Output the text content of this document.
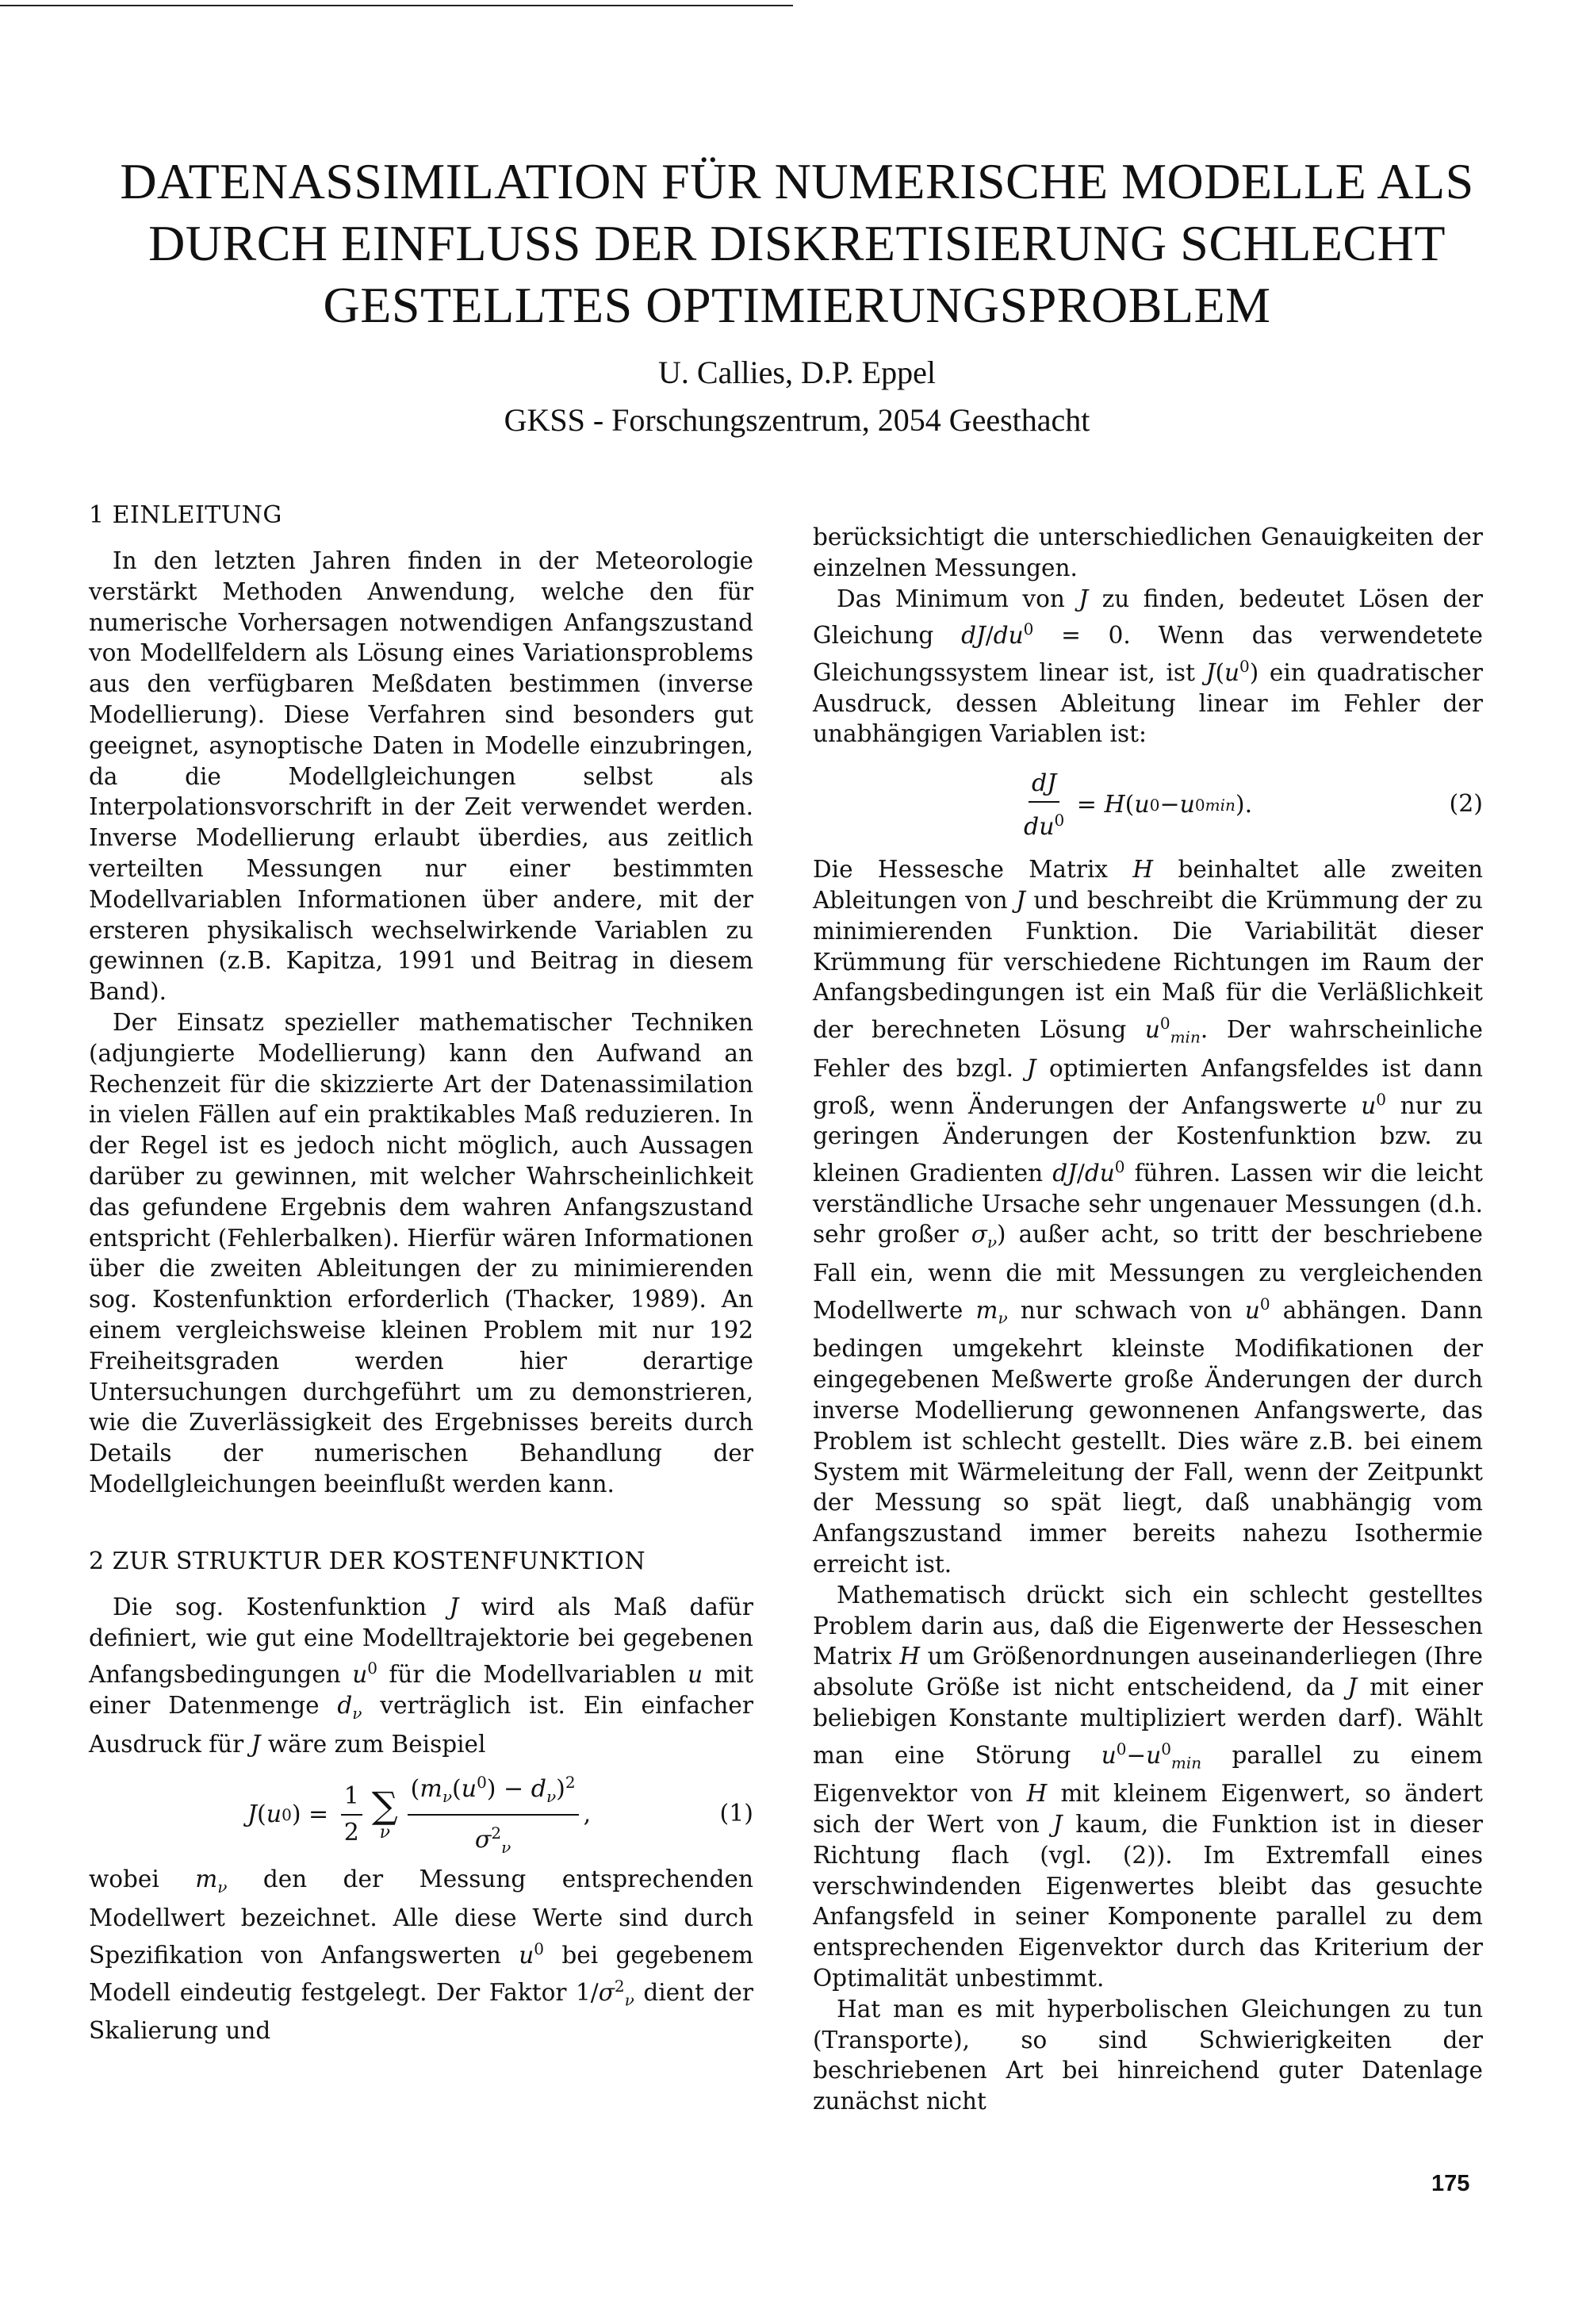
DATENASSIMILATION FÜR NUMERISCHE MODELLE ALS
DURCH EINFLUSS DER DISKRETISIERUNG SCHLECHT
GESTELLTES OPTIMIERUNGSPROBLEM
U. Callies, D.P. Eppel
GKSS - Forschungszentrum, 2054 Geesthacht
1 EINLEITUNG

In den letzten Jahren finden in der Meteorologie verstärkt Methoden Anwendung, welche den für numerische Vorhersagen notwendigen Anfangszustand von Modellfeldern als Lösung eines Variationsproblems aus den verfügbaren Meßdaten bestimmen (inverse Modellierung). Diese Verfahren sind besonders gut geeignet, asynoptische Daten in Modelle einzubringen, da die Modellgleichungen selbst als Interpolationsvorschrift in der Zeit verwendet werden. Inverse Modellierung erlaubt überdies, aus zeitlich verteilten Messungen nur einer bestimmten Modellvariablen Informationen über andere, mit der ersteren physikalisch wechselwirkende Variablen zu gewinnen (z.B. Kapitza, 1991 und Beitrag in diesem Band).

Der Einsatz spezieller mathematischer Techniken (adjungierte Modellierung) kann den Aufwand an Rechenzeit für die skizzierte Art der Datenassimilation in vielen Fällen auf ein praktikables Maß reduzieren. In der Regel ist es jedoch nicht möglich, auch Aussagen darüber zu gewinnen, mit welcher Wahrscheinlichkeit das gefundene Ergebnis dem wahren Anfangszustand entspricht (Fehlerbalken). Hierfür wären Informationen über die zweiten Ableitungen der zu minimierenden sog. Kostenfunktion erforderlich (Thacker, 1989). An einem vergleichsweise kleinen Problem mit nur 192 Freiheitsgraden werden hier derartige Untersuchungen durchgeführt um zu demonstrieren, wie die Zuverlässigkeit des Ergebnisses bereits durch Details der numerischen Behandlung der Modellgleichungen beeinflußt werden kann.

2 ZUR STRUKTUR DER KOSTENFUNKTION

Die sog. Kostenfunktion J wird als Maß dafür definiert, wie gut eine Modelltrajektorie bei gegebenen Anfangsbedingungen $u^0$ für die Modellvariablen u mit einer Datenmenge $d_\nu$ verträglich ist. Ein einfacher Ausdruck für J wäre zum Beispiel

J ( u 0 ) = $\frac{1}{2}$ ∑
ν $\frac{(m_\nu(u^0) - d_\nu)^2}{\sigma^2_\nu}$ ,	(1)

wobei $m_\nu$ den der Messung entsprechenden Modellwert bezeichnet. Alle diese Werte sind durch Spezifikation von Anfangswerten $u^0$ bei gegebenem Modell eindeutig festgelegt. Der Faktor $1/\sigma^2_\nu$ dient der Skalierung und

berücksichtigt die unterschiedlichen Genauigkeiten der einzelnen Messungen.

Das Minimum von J zu finden, bedeutet Lösen der Gleichung $dJ/du^0 = 0$. Wenn das verwendetete Gleichungssystem linear ist, ist $J(u^0)$ ein quadratischer Ausdruck, dessen Ableitung linear im Fehler der unabhängigen Variablen ist:

$\frac{dJ}{du^0} = H$ ( u 0 − u 0 min ).	(2)

Die Hessesche Matrix H beinhaltet alle zweiten Ableitungen von J und beschreibt die Krümmung der zu minimierenden Funktion. Die Variabilität dieser Krümmung für verschiedene Richtungen im Raum der Anfangsbedingungen ist ein Maß für die Verläßlichkeit der berechneten Lösung $u^0_{min}$. Der wahrscheinliche Fehler des bzgl. J optimierten Anfangsfeldes ist dann groß, wenn Änderungen der Anfangswerte $u^0$ nur zu geringen Änderungen der Kostenfunktion bzw. zu kleinen Gradienten $dJ/du^0$ führen. Lassen wir die leicht verständliche Ursache sehr ungenauer Messungen (d.h. sehr großer $\sigma_\nu$) außer acht, so tritt der beschriebene Fall ein, wenn die mit Messungen zu vergleichenden Modellwerte $m_\nu$ nur schwach von $u^0$ abhängen. Dann bedingen umgekehrt kleinste Modifikationen der eingegebenen Meßwerte große Änderungen der durch inverse Modellierung gewonnenen Anfangswerte, das Problem ist schlecht gestellt. Dies wäre z.B. bei einem System mit Wärmeleitung der Fall, wenn der Zeitpunkt der Messung so spät liegt, daß unabhängig vom Anfangszustand immer bereits nahezu Isothermie erreicht ist.

Mathematisch drückt sich ein schlecht gestelltes Problem darin aus, daß die Eigenwerte der Hesseschen Matrix H um Größenordnungen auseinanderliegen (Ihre absolute Größe ist nicht entscheidend, da J mit einer beliebigen Konstante multipliziert werden darf). Wählt man eine Störung $u^0-u^0_{min}$ parallel zu einem Eigenvektor von H mit kleinem Eigenwert, so ändert sich der Wert von J kaum, die Funktion ist in dieser Richtung flach (vgl. (2)). Im Extremfall eines verschwindenden Eigenwertes bleibt das gesuchte Anfangsfeld in seiner Komponente parallel zu dem entsprechenden Eigenvektor durch das Kriterium der Optimalität unbestimmt.

Hat man es mit hyperbolischen Gleichungen zu tun (Transporte), so sind Schwierigkeiten der beschriebenen Art bei hinreichend guter Datenlage zunächst nicht

175
